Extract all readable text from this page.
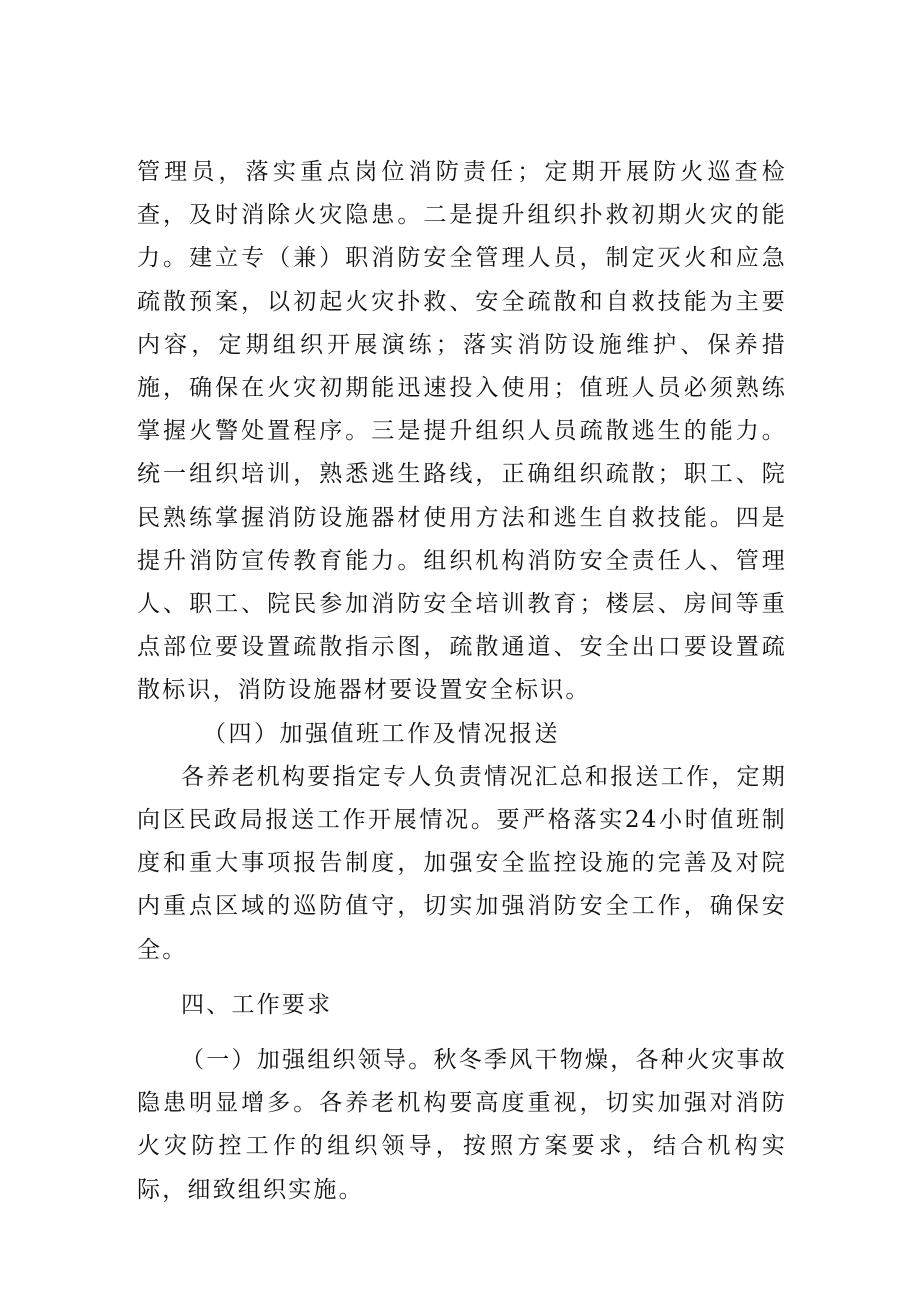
管理员，落实重点岗位消防责任；定期开展防火巡查检查，及时消除火灾隐患。二是提升组织扑救初期火灾的能力。建立专（兼）职消防安全管理人员，制定灭火和应急疏散预案，以初起火灾扑救、安全疏散和自救技能为主要内容，定期组织开展演练；落实消防设施维护、保养措施，确保在火灾初期能迅速投入使用；值班人员必须熟练掌握火警处置程序。三是提升组织人员疏散逃生的能力。统一组织培训，熟悉逃生路线，正确组织疏散；职工、院民熟练掌握消防设施器材使用方法和逃生自救技能。四是提升消防宣传教育能力。组织机构消防安全责任人、管理人、职工、院民参加消防安全培训教育；楼层、房间等重点部位要设置疏散指示图，疏散通道、安全出口要设置疏散标识，消防设施器材要设置安全标识。

（四）加强值班工作及情况报送

各养老机构要指定专人负责情况汇总和报送工作，定期向区民政局报送工作开展情况。要严格落实24小时值班制度和重大事项报告制度，加强安全监控设施的完善及对院内重点区域的巡防值守，切实加强消防安全工作，确保安全。

四、工作要求

（一）加强组织领导。秋冬季风干物燥，各种火灾事故隐患明显增多。各养老机构要高度重视，切实加强对消防火灾防控工作的组织领导，按照方案要求，结合机构实际，细致组织实施。
